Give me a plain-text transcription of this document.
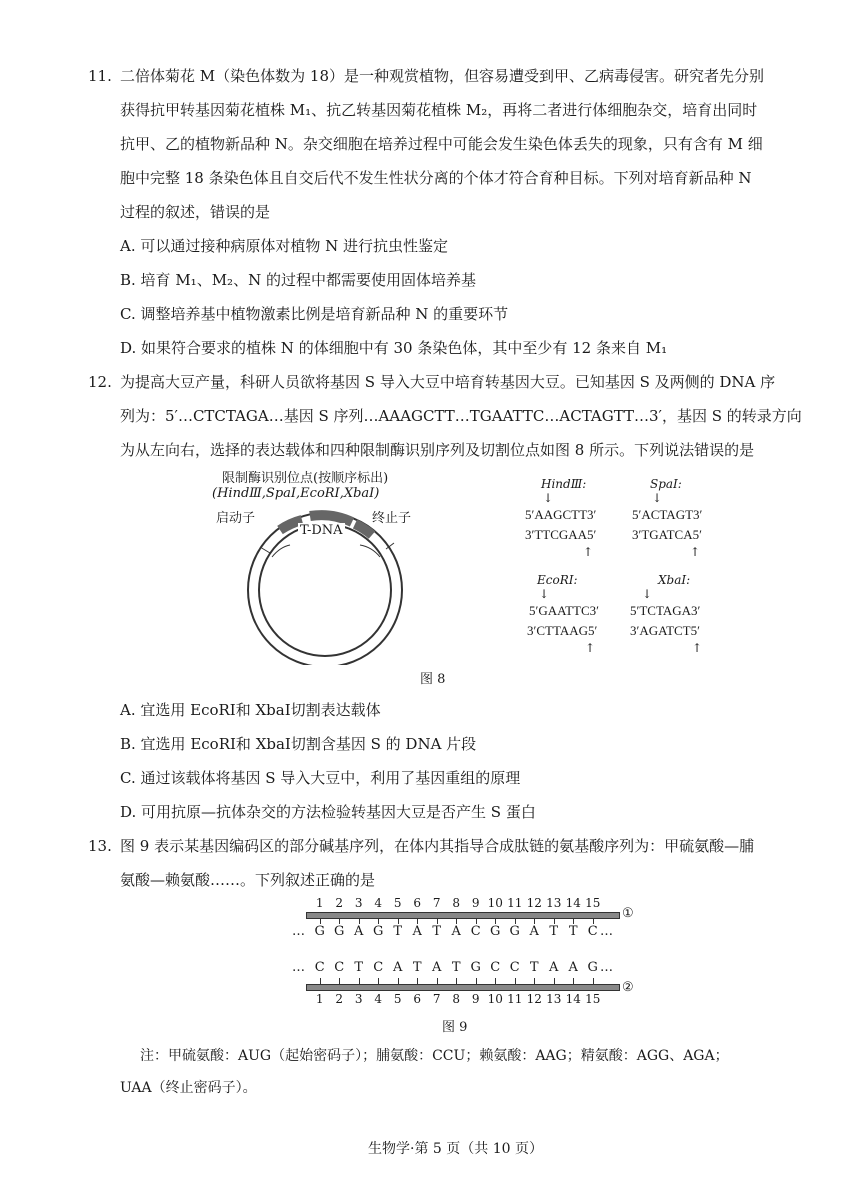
11. 二倍体菊花 M（染色体数为 18）是一种观赏植物，但容易遭受到甲、乙病毒侵害。研究者先分别
获得抗甲转基因菊花植株 M₁、抗乙转基因菊花植株 M₂，再将二者进行体细胞杂交，培育出同时
抗甲、乙的植物新品种 N。杂交细胞在培养过程中可能会发生染色体丢失的现象，只有含有 M 细
胞中完整 18 条染色体且自交后代不发生性状分离的个体才符合育种目标。下列对培育新品种 N
过程的叙述，错误的是
A. 可以通过接种病原体对植物 N 进行抗虫性鉴定
B. 培育 M₁、M₂、N 的过程中都需要使用固体培养基
C. 调整培养基中植物激素比例是培育新品种 N 的重要环节
D. 如果符合要求的植株 N 的体细胞中有 30 条染色体，其中至少有 12 条来自 M₁
12. 为提高大豆产量，科研人员欲将基因 S 导入大豆中培育转基因大豆。已知基因 S 及两侧的 DNA 序
列为：5′…CTCTAGA…基因 S 序列…AAAGCTT…TGAATTC…ACTAGTT…3′，基因 S 的转录方向
为从左向右，选择的表达载体和四种限制酶识别序列及切割位点如图 8 所示。下列说法错误的是
限制酶识别位点(按顺序标出)
(HindⅢ,SpaⅠ,EcoRⅠ,XbaⅠ)
启动子	终止子
T-DNA
HindⅢ:
↓
5′AAGCTT3′
3′TTCGAA5′
↑
SpaⅠ:
↓
5′ACTAGT3′
3′TGATCA5′
↑
EcoRⅠ:
↓
5′GAATTC3′
3′CTTAAG5′
↑
XbaⅠ:
↓
5′TCTAGA3′
3′AGATCT5′
↑
图 8
A. 宜选用 EcoRⅠ和 XbaⅠ切割表达载体
B. 宜选用 EcoRⅠ和 XbaⅠ切割含基因 S 的 DNA 片段
C. 通过该载体将基因 S 导入大豆中，利用了基因重组的原理
D. 可用抗原—抗体杂交的方法检验转基因大豆是否产生 S 蛋白
13. 图 9 表示某基因编码区的部分碱基序列，在体内其指导合成肽链的氨基酸序列为：甲硫氨酸—脯
氨酸—赖氨酸……。下列叙述正确的是
1 2 3 4 5 6 7 8 9 10 11 12 13 14 15
①
… G G A G T A T A C G G A T T C …
… C C T C A T A T G C C T A A G …
②
1 2 3 4 5 6 7 8 9 10 11 12 13 14 15
图 9
注：甲硫氨酸：AUG（起始密码子）；脯氨酸：CCU；赖氨酸：AAG；精氨酸：AGG、AGA；
UAA（终止密码子）。
生物学·第 5 页（共 10 页）
